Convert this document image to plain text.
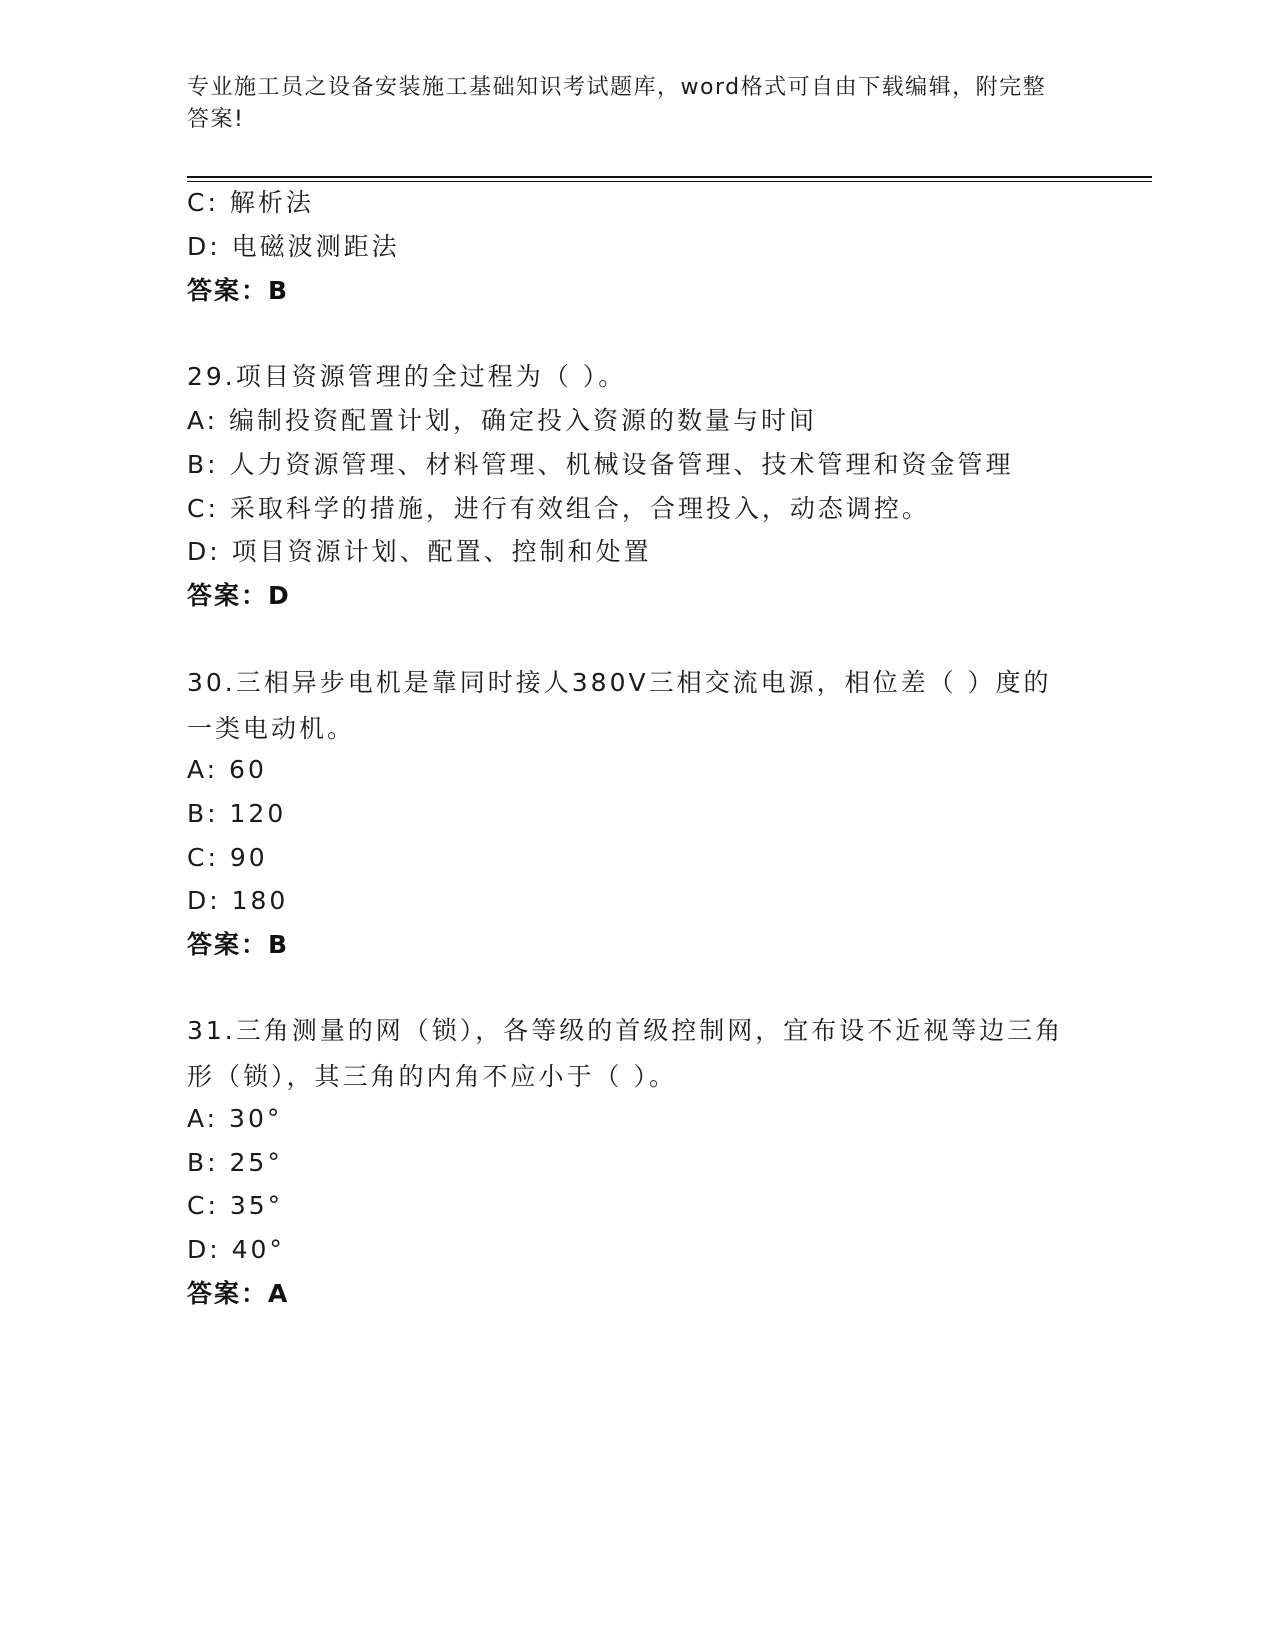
专业施工员之设备安装施工基础知识考试题库，word格式可自由下载编辑，附完整答案!
C: 解析法
D: 电磁波测距法
答案：B
29.项目资源管理的全过程为（ ）。
A: 编制投资配置计划，确定投入资源的数量与时间
B: 人力资源管理、材料管理、机械设备管理、技术管理和资金管理
C: 采取科学的措施，进行有效组合，合理投入，动态调控。
D: 项目资源计划、配置、控制和处置
答案：D
30.三相异步电机是靠同时接人380V三相交流电源，相位差（ ）度的一类电动机。
A: 60
B: 120
C: 90
D: 180
答案：B
31.三角测量的网（锁），各等级的首级控制网，宜布设不近视等边三角形（锁），其三角的内角不应小于（ ）。
A: 30°
B: 25°
C: 35°
D: 40°
答案：A
